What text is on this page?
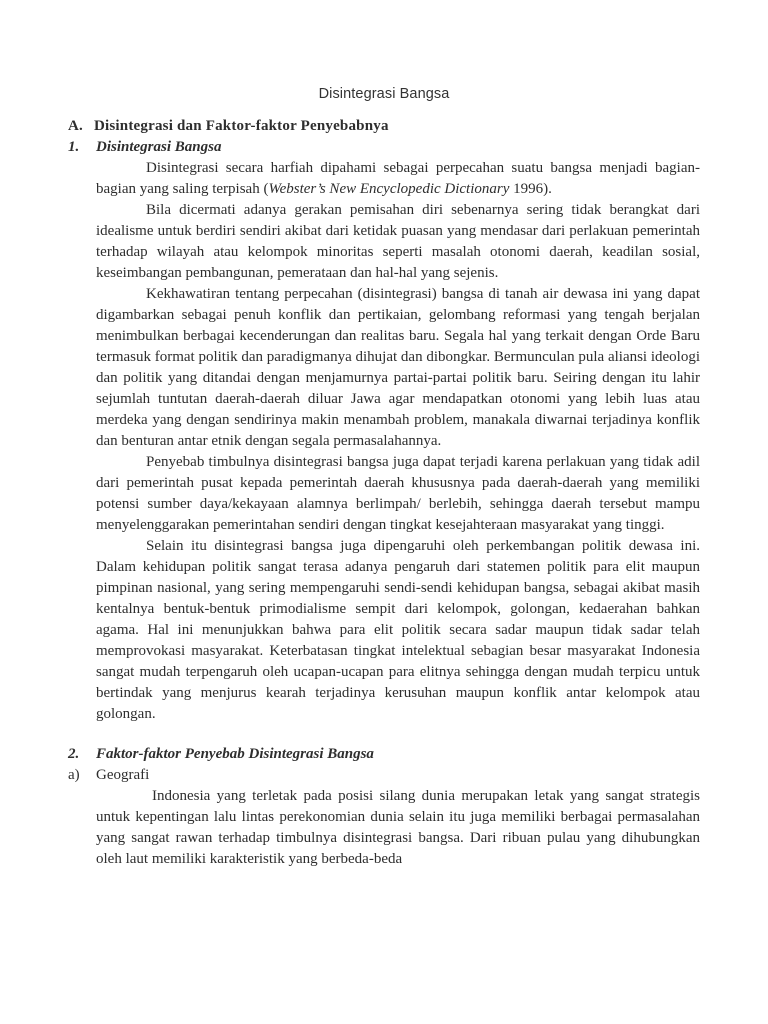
Disintegrasi Bangsa
A. Disintegrasi dan Faktor-faktor Penyebabnya
1.	Disintegrasi Bangsa

Disintegrasi secara harfiah dipahami sebagai perpecahan suatu bangsa menjadi bagian-bagian yang saling terpisah (Webster’s New Encyclopedic Dictionary 1996).

Bila dicermati adanya gerakan pemisahan diri sebenarnya sering tidak berangkat dari idealisme untuk berdiri sendiri akibat dari ketidak puasan yang mendasar dari perlakuan pemerintah terhadap wilayah atau kelompok minoritas seperti masalah otonomi daerah, keadilan sosial, keseimbangan pembangunan, pemerataan dan hal-hal yang sejenis.

Kekhawatiran tentang perpecahan (disintegrasi) bangsa di tanah air dewasa ini yang dapat digambarkan sebagai penuh konflik dan pertikaian, gelombang reformasi yang tengah berjalan menimbulkan berbagai kecenderungan dan realitas baru. Segala hal yang terkait dengan Orde Baru termasuk format politik dan paradigmanya dihujat dan dibongkar. Bermunculan pula aliansi ideologi dan politik yang ditandai dengan menjamurnya partai-partai politik baru. Seiring dengan itu lahir sejumlah tuntutan daerah-daerah diluar Jawa agar mendapatkan otonomi yang lebih luas atau merdeka yang dengan sendirinya makin menambah problem, manakala diwarnai terjadinya konflik dan benturan antar etnik dengan segala permasalahannya.

Penyebab timbulnya disintegrasi bangsa juga dapat terjadi karena perlakuan yang tidak adil dari pemerintah pusat kepada pemerintah daerah khususnya pada daerah-daerah yang memiliki potensi sumber daya/kekayaan alamnya berlimpah/ berlebih, sehingga daerah tersebut mampu menyelenggarakan pemerintahan sendiri dengan tingkat kesejahteraan masyarakat yang tinggi.

Selain itu disintegrasi bangsa juga dipengaruhi oleh perkembangan politik dewasa ini. Dalam kehidupan politik sangat terasa adanya pengaruh dari statemen politik para elit maupun pimpinan nasional, yang sering mempengaruhi sendi-sendi kehidupan bangsa, sebagai akibat masih kentalnya bentuk-bentuk primodialisme sempit dari kelompok, golongan, kedaerahan bahkan agama. Hal ini menunjukkan bahwa para elit politik secara sadar maupun tidak sadar telah memprovokasi masyarakat. Keterbatasan tingkat intelektual sebagian besar masyarakat Indonesia sangat mudah terpengaruh oleh ucapan-ucapan para elitnya sehingga dengan mudah terpicu untuk bertindak yang menjurus kearah terjadinya kerusuhan maupun konflik antar kelompok atau golongan.

2.	Faktor-faktor Penyebab Disintegrasi Bangsa
a)	Geografi

Indonesia yang terletak pada posisi silang dunia merupakan letak yang sangat strategis untuk kepentingan lalu lintas perekonomian dunia selain itu juga memiliki berbagai permasalahan yang sangat rawan terhadap timbulnya disintegrasi bangsa. Dari ribuan pulau yang dihubungkan oleh laut memiliki karakteristik yang berbeda-beda
